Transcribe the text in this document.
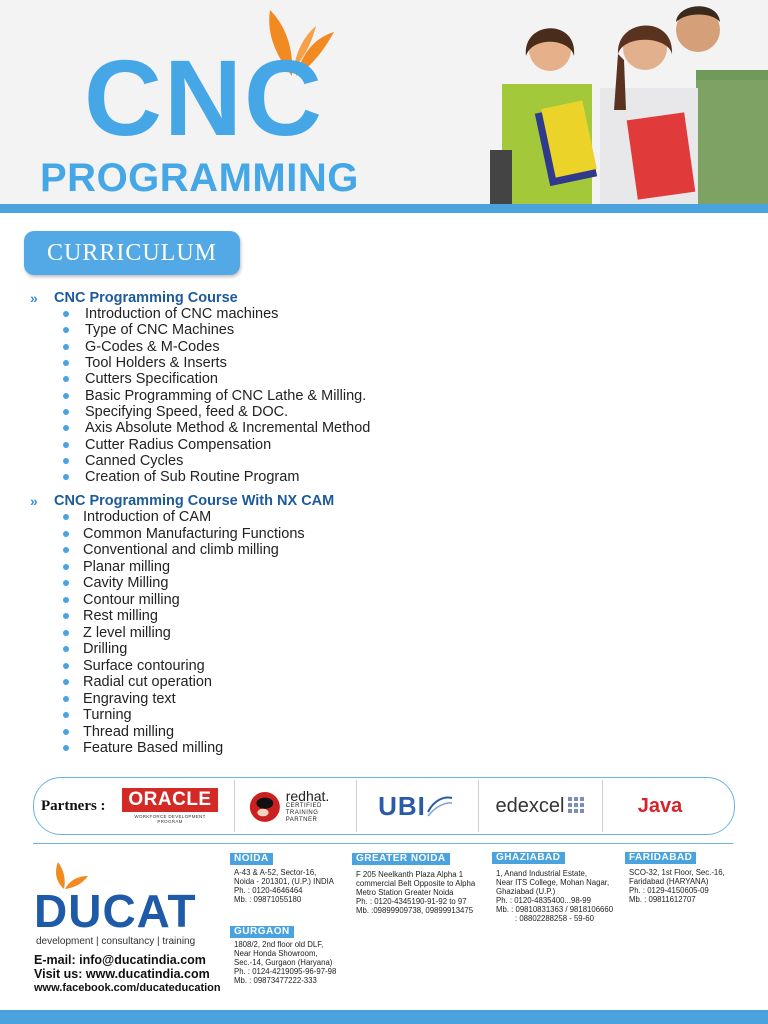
CNC
PROGRAMMING
CURRICULUM
»	CNC Programming Course
Introduction of CNC machines
Type of CNC Machines
G-Codes & M-Codes
Tool Holders & Inserts
Cutters Specification
Basic Programming of CNC Lathe & Milling.
Specifying Speed, feed & DOC.
Axis Absolute Method & Incremental Method
Cutter Radius Compensation
Canned Cycles
Creation of Sub Routine Program
»	CNC Programming Course With NX CAM
Introduction of CAM
Common Manufacturing Functions
Conventional and climb milling
Planar milling
Cavity Milling
Contour milling
Rest milling
Z level milling
Drilling
Surface contouring
Radial cut operation
Engraving text
Turning
Thread milling
Feature Based milling
Partners :	ORACLE
WORKFORCE DEVELOPMENT PROGRAM
redhat.
CERTIFIED
TRAINING PARTNER	UBI	edexcel	Java
DUCAT
development | consultancy | training
E-mail: info@ducatindia.com
Visit us: www.ducatindia.com
www.facebook.com/ducateducation
NOIDA
A-43 & A-52, Sector-16,
Noida - 201301, (U.P.) INDIA
Ph. : 0120-4646464
Mb. : 09871055180
GURGAON
1808/2, 2nd floor old DLF,
Near Honda Showroom,
Sec.-14, Gurgaon (Haryana)
Ph. : 0124-4219095-96-97-98
Mb. : 09873477222-333
GREATER NOIDA
F 205 Neelkanth Plaza Alpha 1
commercial Belt Opposite to Alpha
Metro Station Greater Noida
Ph. : 0120-4345190-91-92 to 97
Mb. :09899909738, 09899913475
GHAZIABAD
1, Anand Industrial Estate,
Near ITS College, Mohan Nagar,
Ghaziabad (U.P.)
Ph. : 0120-4835400...98-99
Mb. : 09810831363 / 9818106660
: 08802288258 - 59-60
FARIDABAD
SCO-32, 1st Floor, Sec.-16,
Faridabad (HARYANA)
Ph. : 0129-4150605-09
Mb. : 09811612707
